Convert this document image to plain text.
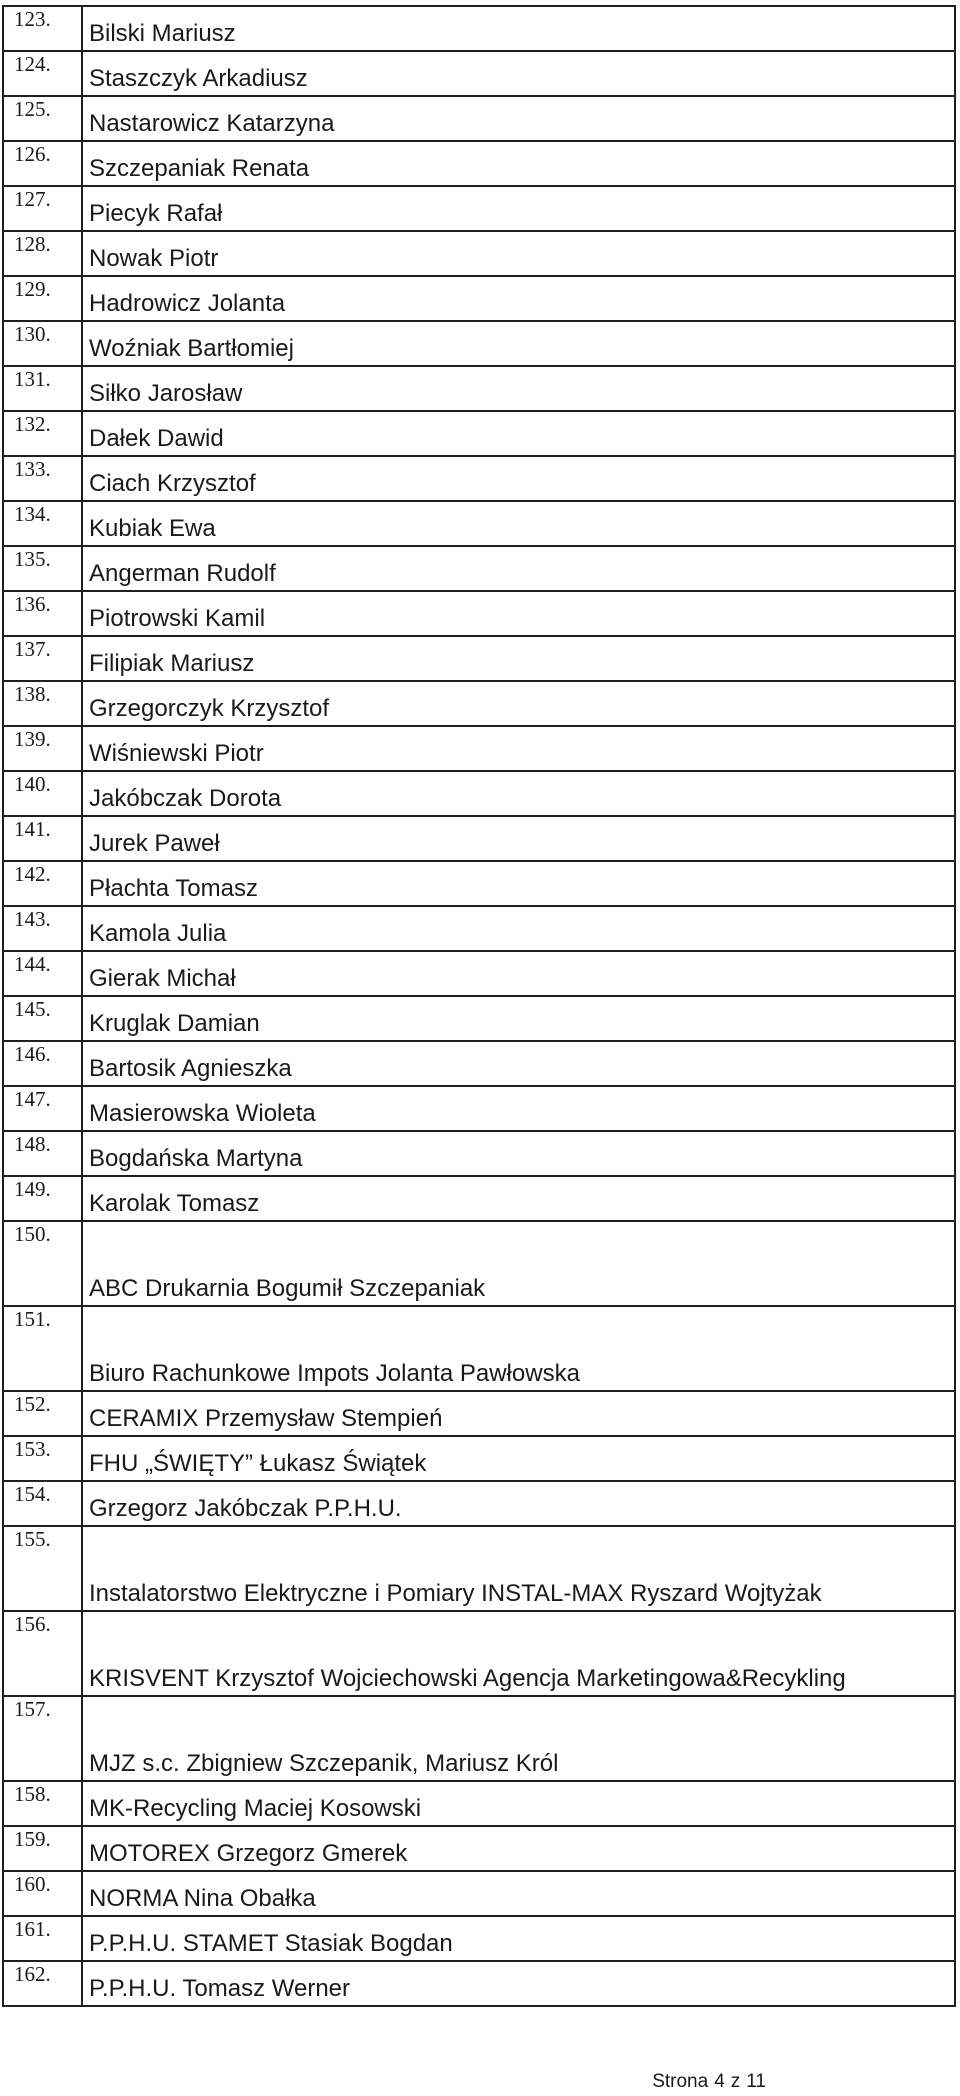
123.	Bilski Mariusz

124.	Staszczyk Arkadiusz

125.	Nastarowicz Katarzyna

126.	Szczepaniak Renata

127.	Piecyk Rafał

128.	Nowak Piotr

129.	Hadrowicz Jolanta

130.	Woźniak Bartłomiej

131.	Siłko Jarosław

132.	Dałek Dawid

133.	Ciach Krzysztof

134.	Kubiak Ewa

135.	Angerman Rudolf

136.	Piotrowski Kamil

137.	Filipiak Mariusz

138.	Grzegorczyk Krzysztof

139.	Wiśniewski Piotr

140.	Jakóbczak Dorota

141.	Jurek Paweł

142.	Płachta Tomasz

143.	Kamola Julia

144.	Gierak Michał

145.	Kruglak Damian

146.	Bartosik Agnieszka

147.	Masierowska Wioleta

148.	Bogdańska Martyna

149.	Karolak Tomasz

150.	ABC Drukarnia Bogumił Szczepaniak

151.	Biuro Rachunkowe Impots Jolanta Pawłowska

152.	CERAMIX Przemysław Stempień

153.	FHU „ŚWIĘTY” Łukasz Świątek

154.	Grzegorz Jakóbczak P.P.H.U.

155.	Instalatorstwo Elektryczne i Pomiary INSTAL-MAX Ryszard Wojtyżak

156.	KRISVENT Krzysztof Wojciechowski Agencja Marketingowa&Recykling

157.	MJZ s.c. Zbigniew Szczepanik, Mariusz Król

158.	MK-Recycling Maciej Kosowski

159.	MOTOREX Grzegorz Gmerek

160.	NORMA Nina Obałka

161.	P.P.H.U. STAMET Stasiak Bogdan

162.	P.P.H.U. Tomasz Werner
Strona 4 z 11
